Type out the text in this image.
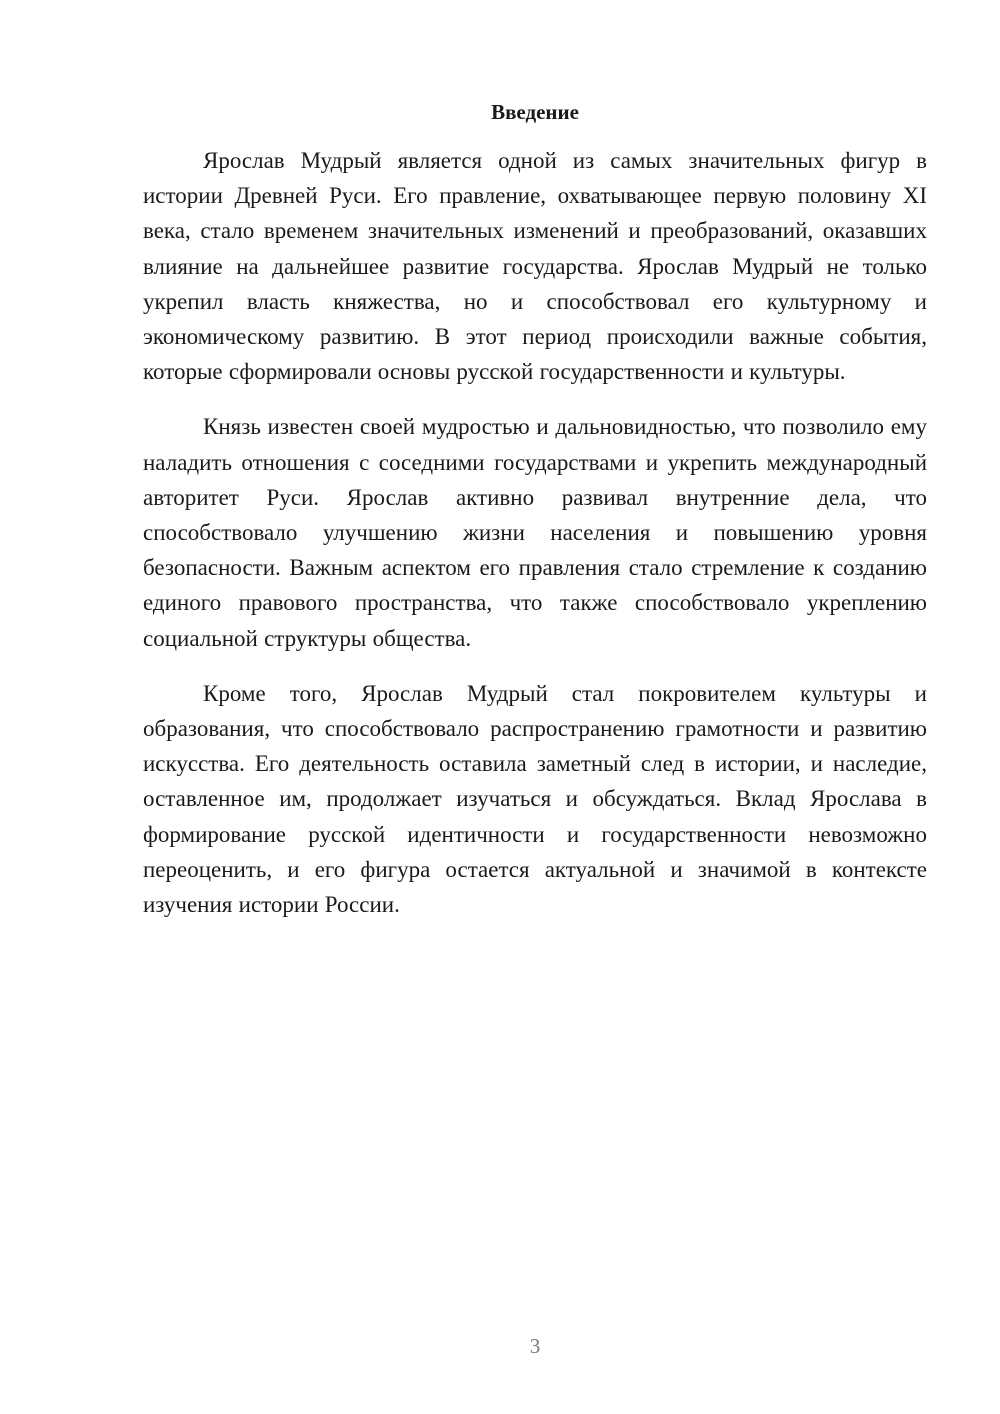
Введение

Ярослав Мудрый является одной из самых значительных фигур в истории Древней Руси. Его правление, охватывающее первую половину XI века, стало временем значительных изменений и преобразований, оказавших влияние на дальнейшее развитие государства. Ярослав Мудрый не только укрепил власть княжества, но и способствовал его культурному и экономическому развитию. В этот период происходили важные события, которые сформировали основы русской государственности и культуры.

Князь известен своей мудростью и дальновидностью, что позволило ему наладить отношения с соседними государствами и укрепить международный авторитет Руси. Ярослав активно развивал внутренние дела, что способствовало улучшению жизни населения и повышению уровня безопасности. Важным аспектом его правления стало стремление к созданию единого правового пространства, что также способствовало укреплению социальной структуры общества.

Кроме того, Ярослав Мудрый стал покровителем культуры и образования, что способствовало распространению грамотности и развитию искусства. Его деятельность оставила заметный след в истории, и наследие, оставленное им, продолжает изучаться и обсуждаться. Вклад Ярослава в формирование русской идентичности и государственности невозможно переоценить, и его фигура остается актуальной и значимой в контексте изучения истории России.

3
